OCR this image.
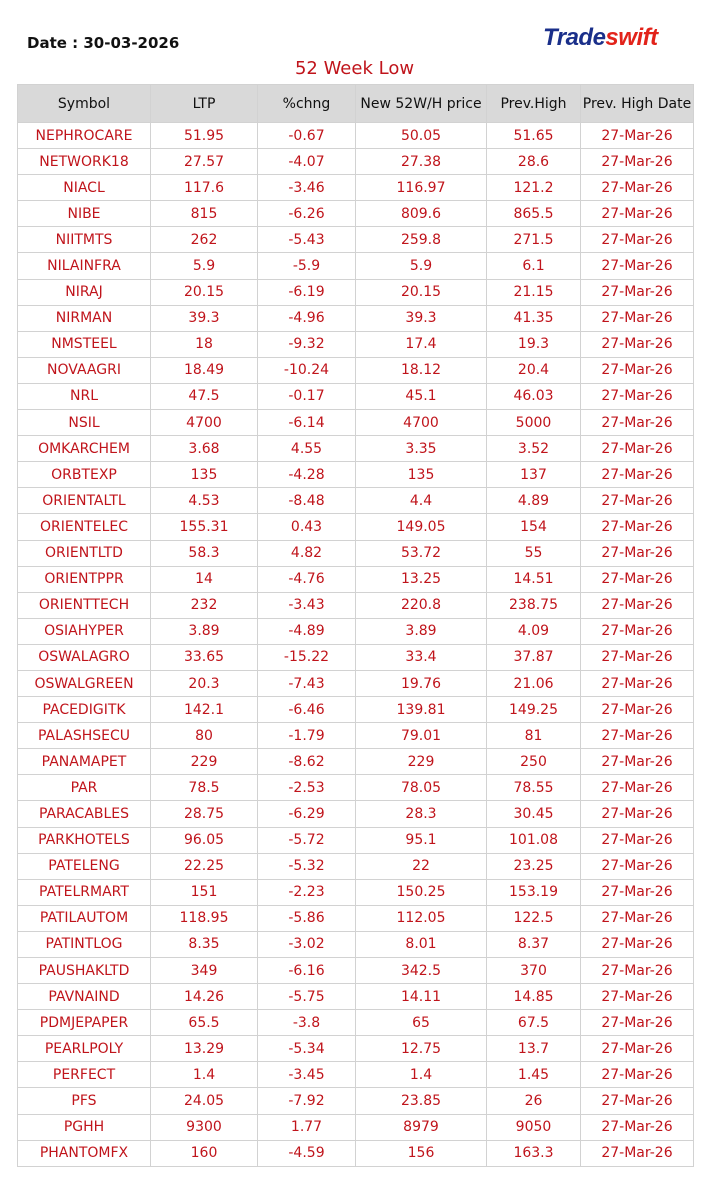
Date : 30-03-2026	Tradeswift
52 Week Low
Symbol	LTP	%chng	New 52W/H price	Prev.High	Prev. High Date
NEPHROCARE	51.95	-0.67	50.05	51.65	27-Mar-26
NETWORK18	27.57	-4.07	27.38	28.6	27-Mar-26
NIACL	117.6	-3.46	116.97	121.2	27-Mar-26
NIBE	815	-6.26	809.6	865.5	27-Mar-26
NIITMTS	262	-5.43	259.8	271.5	27-Mar-26
NILAINFRA	5.9	-5.9	5.9	6.1	27-Mar-26
NIRAJ	20.15	-6.19	20.15	21.15	27-Mar-26
NIRMAN	39.3	-4.96	39.3	41.35	27-Mar-26
NMSTEEL	18	-9.32	17.4	19.3	27-Mar-26
NOVAAGRI	18.49	-10.24	18.12	20.4	27-Mar-26
NRL	47.5	-0.17	45.1	46.03	27-Mar-26
NSIL	4700	-6.14	4700	5000	27-Mar-26
OMKARCHEM	3.68	4.55	3.35	3.52	27-Mar-26
ORBTEXP	135	-4.28	135	137	27-Mar-26
ORIENTALTL	4.53	-8.48	4.4	4.89	27-Mar-26
ORIENTELEC	155.31	0.43	149.05	154	27-Mar-26
ORIENTLTD	58.3	4.82	53.72	55	27-Mar-26
ORIENTPPR	14	-4.76	13.25	14.51	27-Mar-26
ORIENTTECH	232	-3.43	220.8	238.75	27-Mar-26
OSIAHYPER	3.89	-4.89	3.89	4.09	27-Mar-26
OSWALAGRO	33.65	-15.22	33.4	37.87	27-Mar-26
OSWALGREEN	20.3	-7.43	19.76	21.06	27-Mar-26
PACEDIGITK	142.1	-6.46	139.81	149.25	27-Mar-26
PALASHSECU	80	-1.79	79.01	81	27-Mar-26
PANAMAPET	229	-8.62	229	250	27-Mar-26
PAR	78.5	-2.53	78.05	78.55	27-Mar-26
PARACABLES	28.75	-6.29	28.3	30.45	27-Mar-26
PARKHOTELS	96.05	-5.72	95.1	101.08	27-Mar-26
PATELENG	22.25	-5.32	22	23.25	27-Mar-26
PATELRMART	151	-2.23	150.25	153.19	27-Mar-26
PATILAUTOM	118.95	-5.86	112.05	122.5	27-Mar-26
PATINTLOG	8.35	-3.02	8.01	8.37	27-Mar-26
PAUSHAKLTD	349	-6.16	342.5	370	27-Mar-26
PAVNAIND	14.26	-5.75	14.11	14.85	27-Mar-26
PDMJEPAPER	65.5	-3.8	65	67.5	27-Mar-26
PEARLPOLY	13.29	-5.34	12.75	13.7	27-Mar-26
PERFECT	1.4	-3.45	1.4	1.45	27-Mar-26
PFS	24.05	-7.92	23.85	26	27-Mar-26
PGHH	9300	1.77	8979	9050	27-Mar-26
PHANTOMFX	160	-4.59	156	163.3	27-Mar-26
